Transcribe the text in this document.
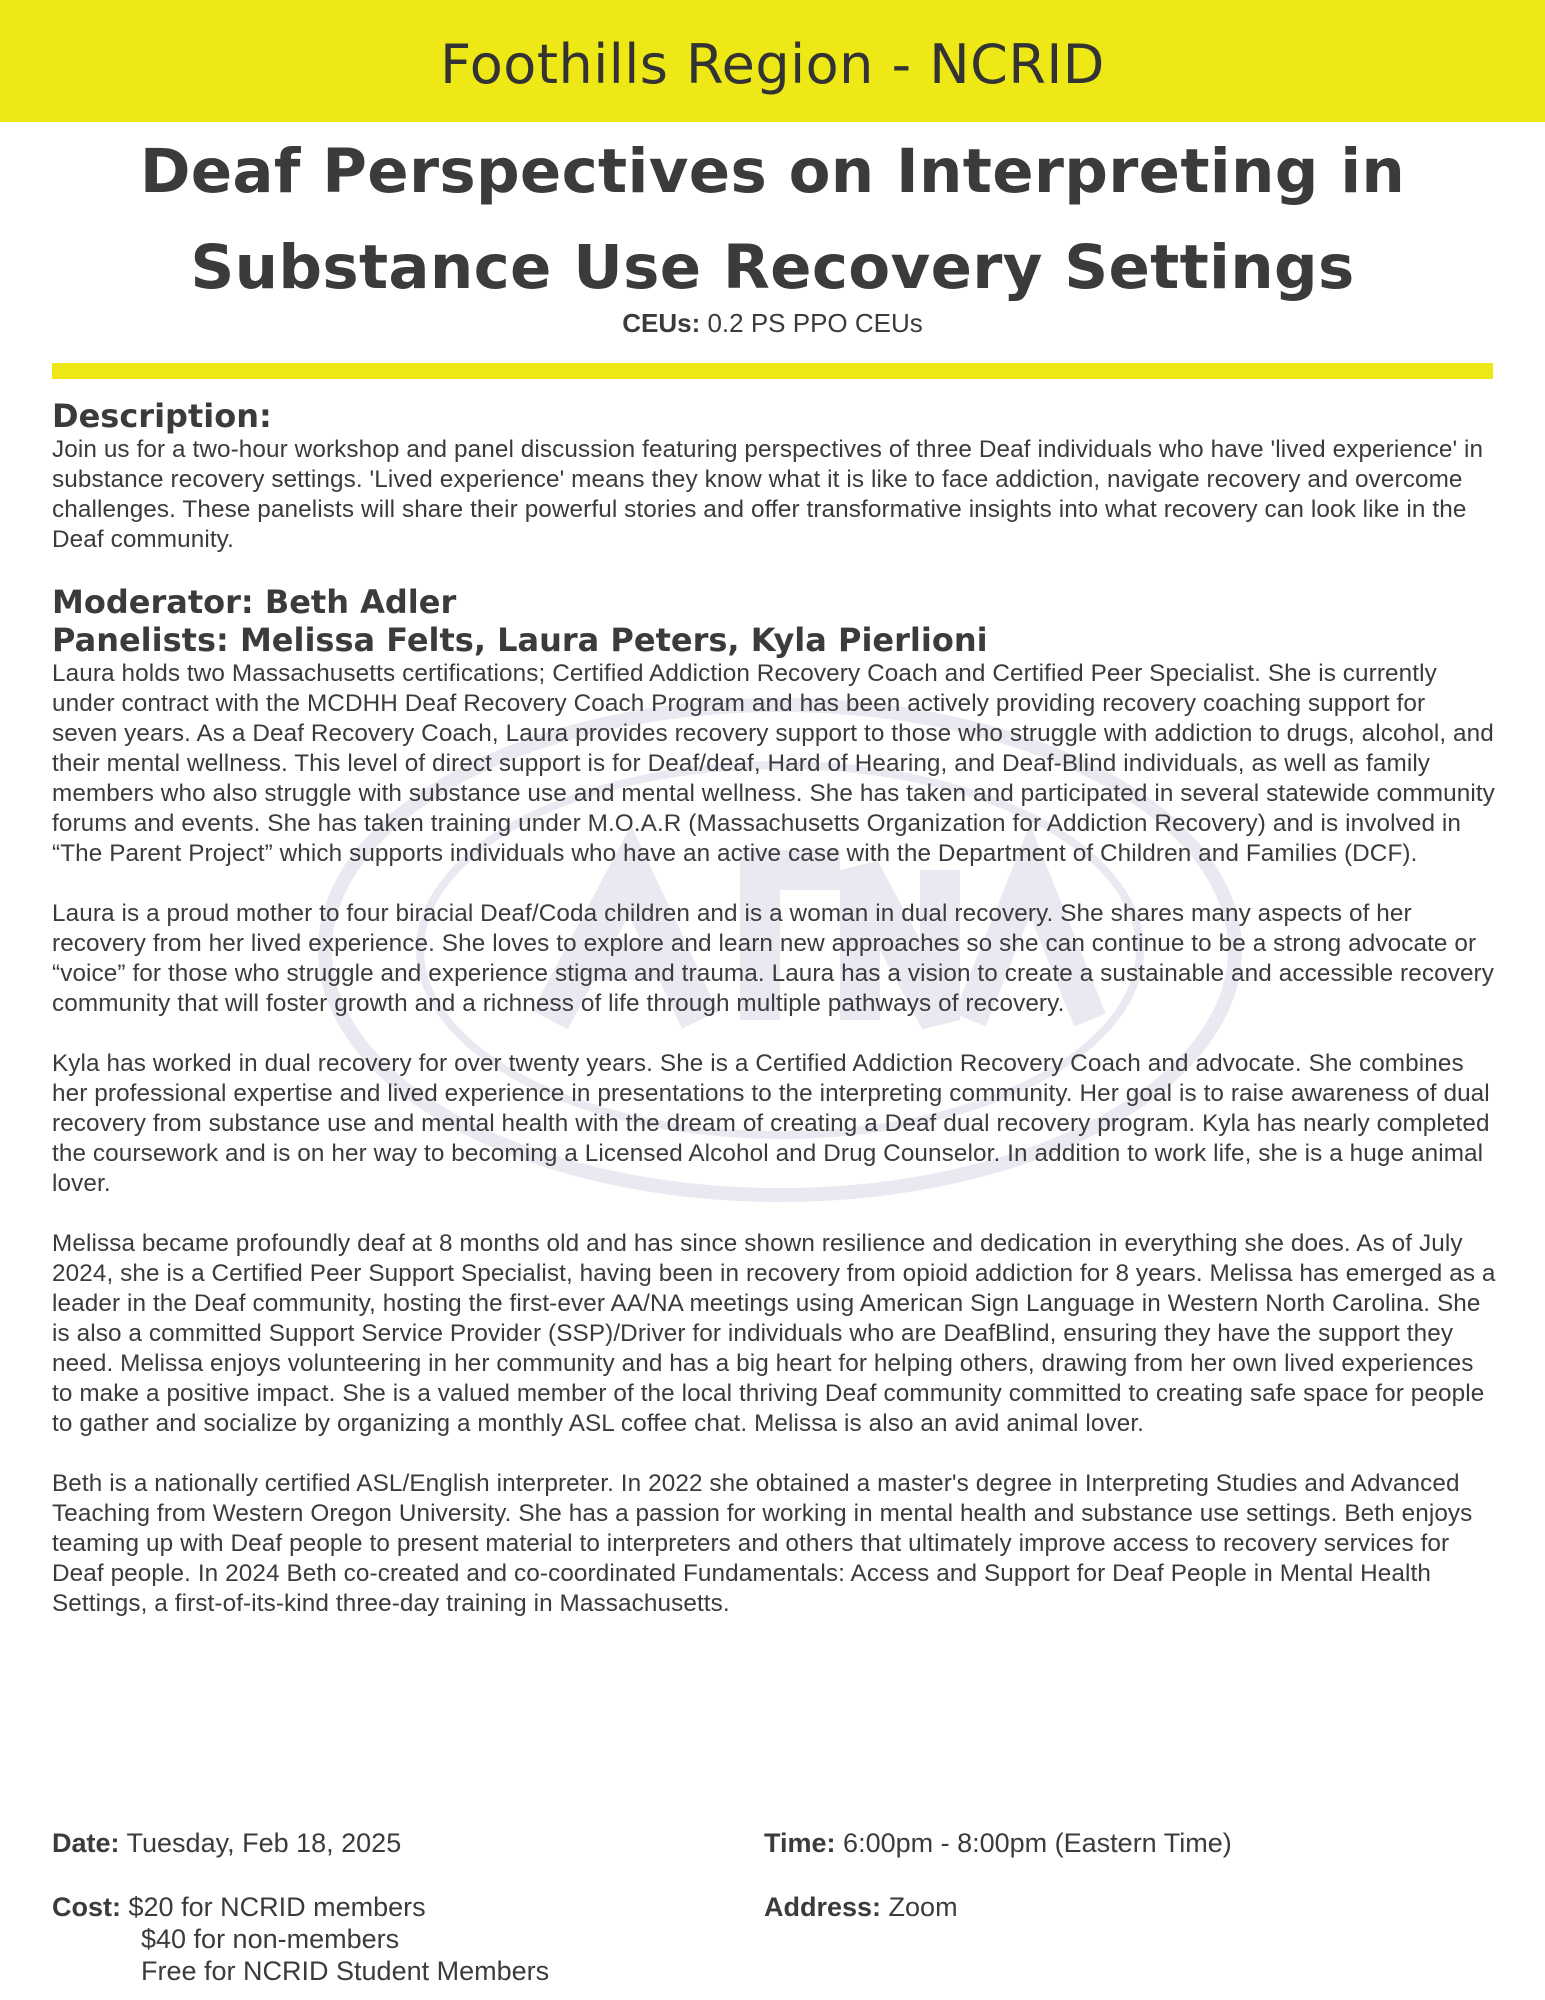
Foothills Region - NCRID
Deaf Perspectives on Interpreting in
Substance Use Recovery Settings
CEUs: 0.2 PS PPO CEUs
Description:

Join us for a two-hour workshop and panel discussion featuring perspectives of three Deaf individuals who have 'lived experience' in substance recovery settings. 'Lived experience' means they know what it is like to face addiction, navigate recovery and overcome challenges. These panelists will share their powerful stories and offer transformative insights into what recovery can look like in the Deaf community.

Moderator: Beth Adler
Panelists: Melissa Felts, Laura Peters, Kyla Pierlioni

Laura holds two Massachusetts certifications; Certified Addiction Recovery Coach and Certified Peer Specialist. She is currently under contract with the MCDHH Deaf Recovery Coach Program and has been actively providing recovery coaching support for seven years. As a Deaf Recovery Coach, Laura provides recovery support to those who struggle with addiction to drugs, alcohol, and their mental wellness. This level of direct support is for Deaf/deaf, Hard of Hearing, and Deaf-Blind individuals, as well as family members who also struggle with substance use and mental wellness. She has taken and participated in several statewide community forums and events. She has taken training under M.O.A.R (Massachusetts Organization for Addiction Recovery) and is involved in “The Parent Project” which supports individuals who have an active case with the Department of Children and Families (DCF).

Laura is a proud mother to four biracial Deaf/Coda children and is a woman in dual recovery. She shares many aspects of her recovery from her lived experience. She loves to explore and learn new approaches so she can continue to be a strong advocate or “voice” for those who struggle and experience stigma and trauma. Laura has a vision to create a sustainable and accessible recovery community that will foster growth and a richness of life through multiple pathways of recovery.

Kyla has worked in dual recovery for over twenty years. She is a Certified Addiction Recovery Coach and advocate. She combines her professional expertise and lived experience in presentations to the interpreting community. Her goal is to raise awareness of dual recovery from substance use and mental health with the dream of creating a Deaf dual recovery program. Kyla has nearly completed the coursework and is on her way to becoming a Licensed Alcohol and Drug Counselor. In addition to work life, she is a huge animal lover.

Melissa became profoundly deaf at 8 months old and has since shown resilience and dedication in everything she does. As of July 2024, she is a Certified Peer Support Specialist, having been in recovery from opioid addiction for 8 years. Melissa has emerged as a leader in the Deaf community, hosting the first-ever AA/NA meetings using American Sign Language in Western North Carolina. She is also a committed Support Service Provider (SSP)/Driver for individuals who are DeafBlind, ensuring they have the support they need. Melissa enjoys volunteering in her community and has a big heart for helping others, drawing from her own lived experiences to make a positive impact. She is a valued member of the local thriving Deaf community committed to creating safe space for people to gather and socialize by organizing a monthly ASL coffee chat. Melissa is also an avid animal lover.

Beth is a nationally certified ASL/English interpreter. In 2022 she obtained a master's degree in Interpreting Studies and Advanced Teaching from Western Oregon University. She has a passion for working in mental health and substance use settings. Beth enjoys teaming up with Deaf people to present material to interpreters and others that ultimately improve access to recovery services for Deaf people. In 2024 Beth co-created and co-coordinated Fundamentals: Access and Support for Deaf People in Mental Health Settings, a first-of-its-kind three-day training in Massachusetts.

Date: Tuesday, Feb 18, 2025	Time: 6:00pm - 8:00pm (Eastern Time)
Cost: $20 for NCRID members
$40 for non-members
Free for NCRID Student Members
Address: Zoom
